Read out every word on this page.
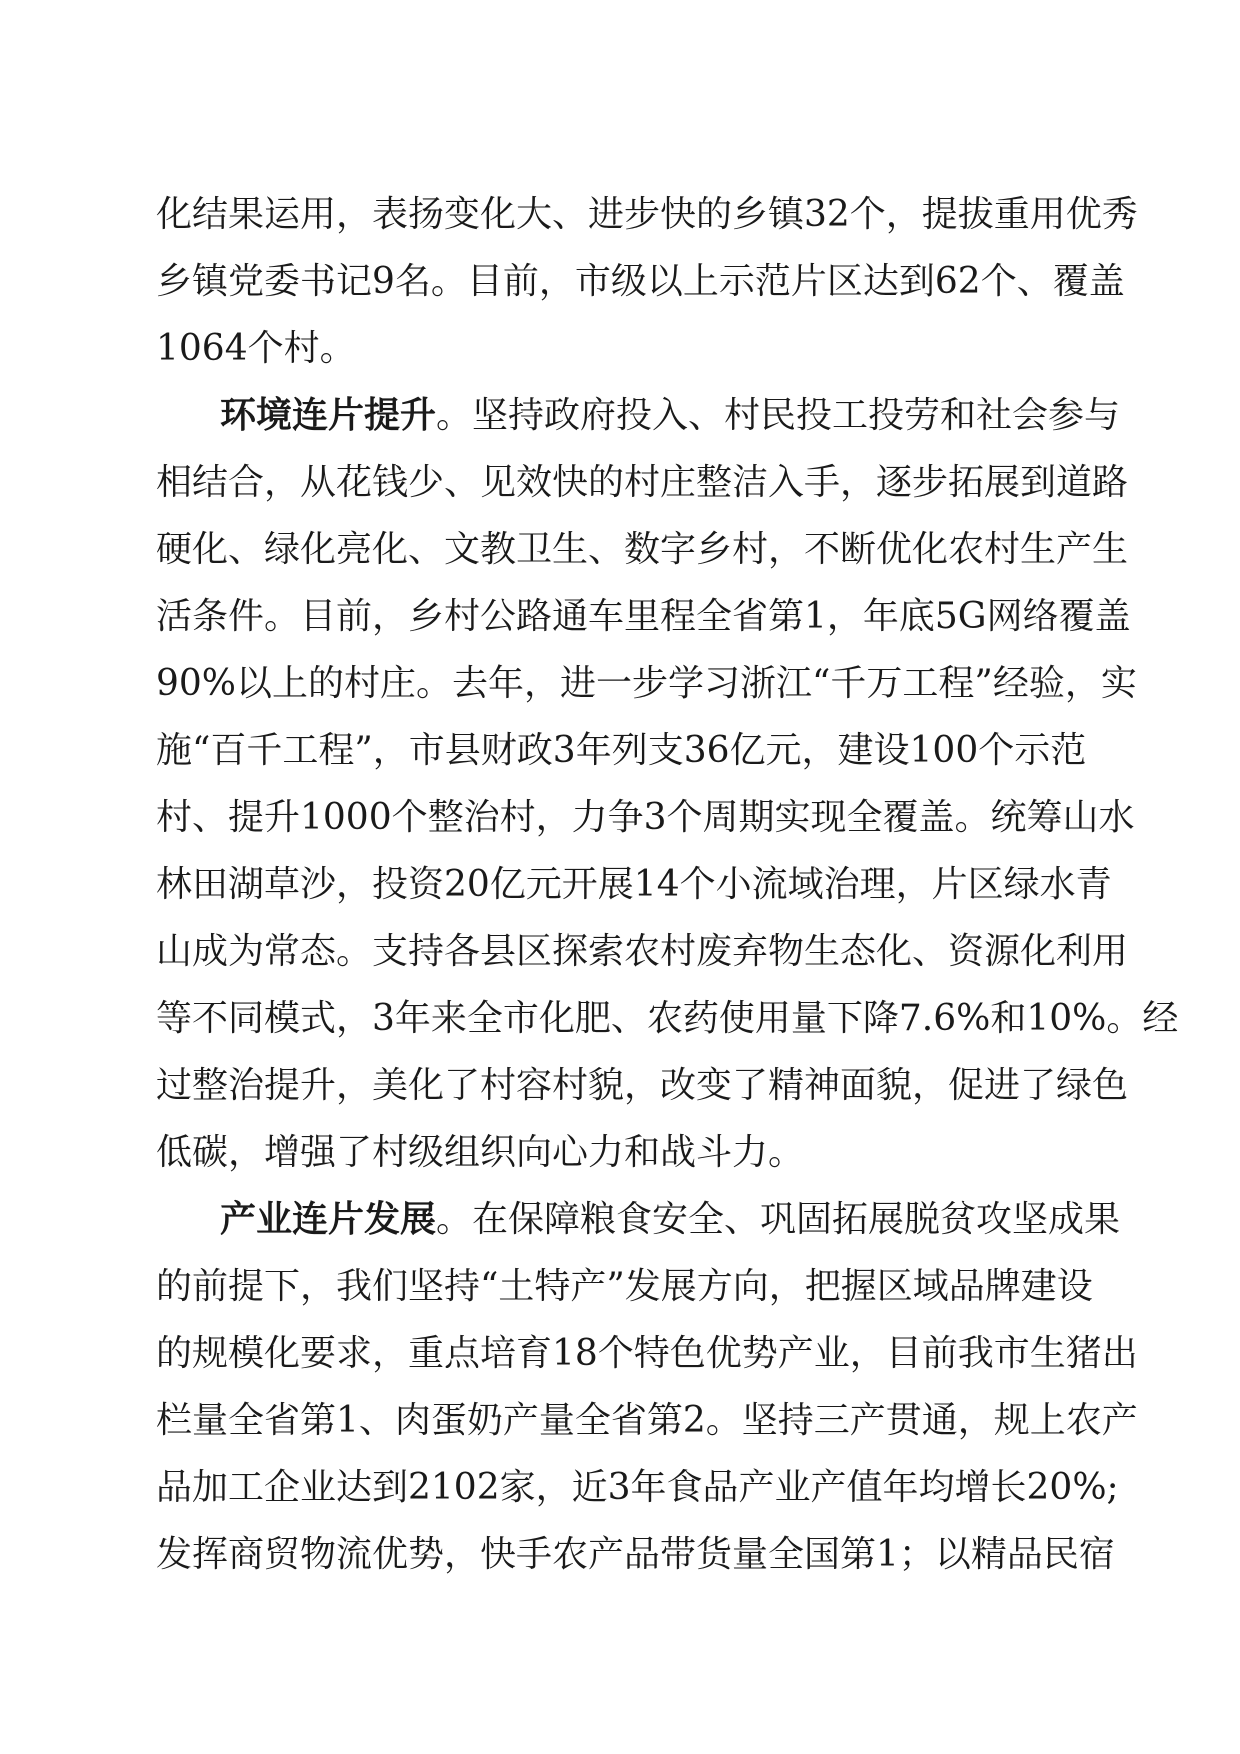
化结果运用，表扬变化大、进步快的乡镇32个，提拔重用优秀
乡镇党委书记9名。目前，市级以上示范片区达到62个、覆盖
1064个村。
环境连片提升。坚持政府投入、村民投工投劳和社会参与
相结合，从花钱少、见效快的村庄整洁入手，逐步拓展到道路
硬化、绿化亮化、文教卫生、数字乡村，不断优化农村生产生
活条件。目前，乡村公路通车里程全省第1，年底5G网络覆盖
90%以上的村庄。去年，进一步学习浙江“千万工程”经验，实
施“百千工程”，市县财政3年列支36亿元，建设100个示范
村、提升1000个整治村，力争3个周期实现全覆盖。统筹山水
林田湖草沙，投资20亿元开展14个小流域治理，片区绿水青
山成为常态。支持各县区探索农村废弃物生态化、资源化利用
等不同模式，3年来全市化肥、农药使用量下降7.6%和10%。经
过整治提升，美化了村容村貌，改变了精神面貌，促进了绿色
低碳，增强了村级组织向心力和战斗力。
产业连片发展。在保障粮食安全、巩固拓展脱贫攻坚成果
的前提下，我们坚持“土特产”发展方向，把握区域品牌建设
的规模化要求，重点培育18个特色优势产业，目前我市生猪出
栏量全省第1、肉蛋奶产量全省第2。坚持三产贯通，规上农产
品加工企业达到2102家，近3年食品产业产值年均增长20%;
发挥商贸物流优势，快手农产品带货量全国第1；以精品民宿
